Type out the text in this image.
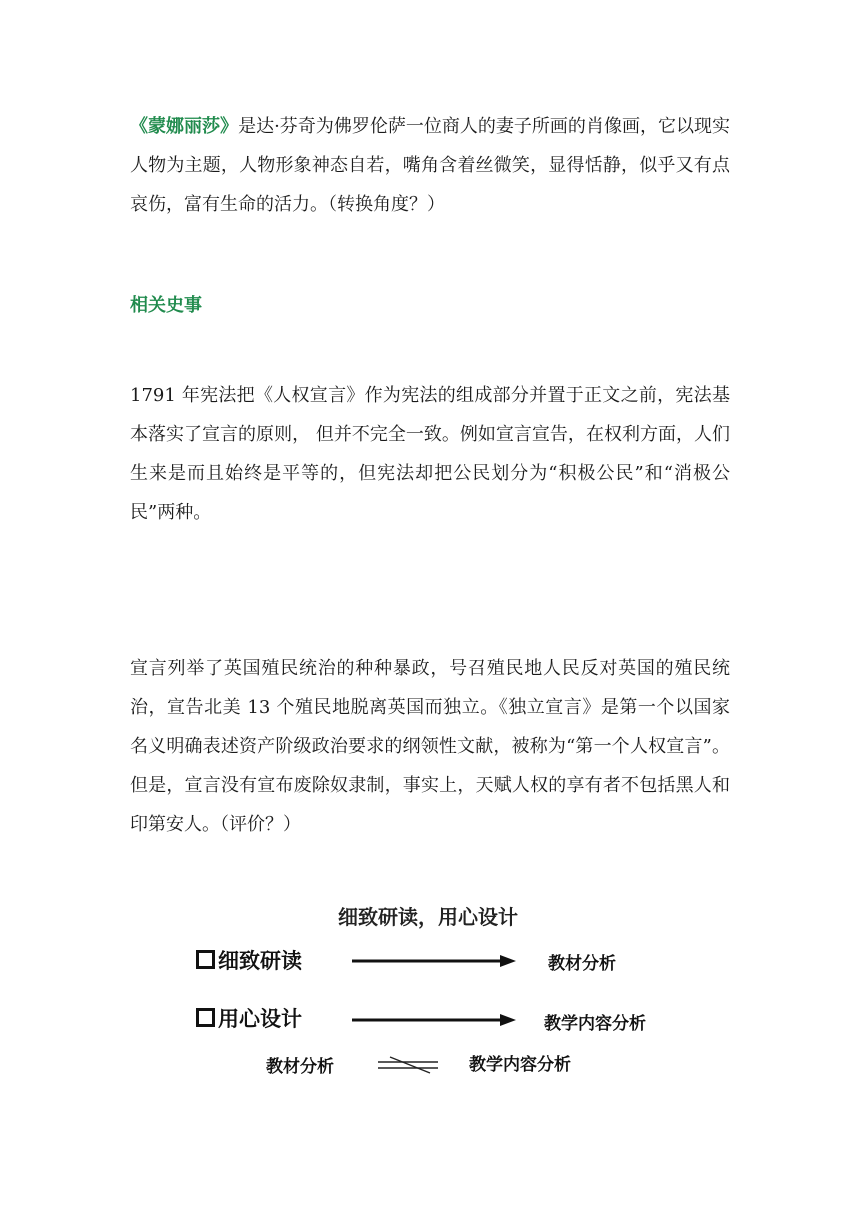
《蒙娜丽莎》是达·芬奇为佛罗伦萨一位商人的妻子所画的肖像画，它以现实人物为主题，人物形象神态自若，嘴角含着丝微笑，显得恬静，似乎又有点哀伤，富有生命的活力。（转换角度？）

相关史事

1791 年宪法把《人权宣言》作为宪法的组成部分并置于正文之前，宪法基本落实了宣言的原则， 但并不完全一致。例如宣言宣告，在权利方面，人们生来是而且始终是平等的，但宪法却把公民划分为“积极公民”和“消极公民”两种。

宣言列举了英国殖民统治的种种暴政，号召殖民地人民反对英国的殖民统治，宣告北美 13 个殖民地脱离英国而独立。《独立宣言》是第一个以国家名义明确表述资产阶级政治要求的纲领性文献，被称为“第一个人权宣言”。但是，宣言没有宣布废除奴隶制，事实上，天赋人权的享有者不包括黑人和印第安人。（评价？）

细致研读，用心设计
细致研读	教材分析
用心设计	教学内容分析
教材分析	教学内容分析
